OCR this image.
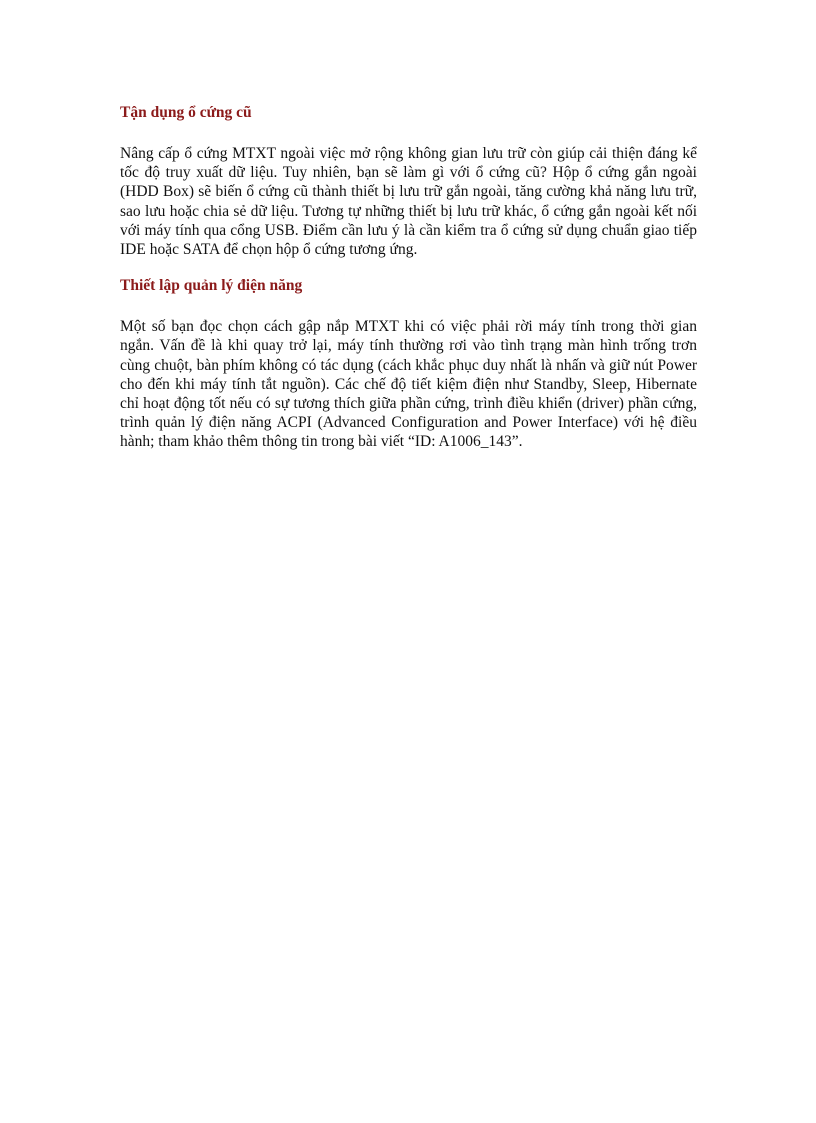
Tận dụng ổ cứng cũ

Nâng cấp ổ cứng MTXT ngoài việc mở rộng không gian lưu trữ còn giúp cải thiện đáng kể tốc độ truy xuất dữ liệu. Tuy nhiên, bạn sẽ làm gì với ổ cứng cũ? Hộp ổ cứng gắn ngoài (HDD Box) sẽ biến ổ cứng cũ thành thiết bị lưu trữ gắn ngoài, tăng cường khả năng lưu trữ, sao lưu hoặc chia sẻ dữ liệu. Tương tự những thiết bị lưu trữ khác, ổ cứng gắn ngoài kết nối với máy tính qua cổng USB. Điểm cần lưu ý là cần kiểm tra ổ cứng sử dụng chuẩn giao tiếp IDE hoặc SATA để chọn hộp ổ cứng tương ứng.

Thiết lập quản lý điện năng

Một số bạn đọc chọn cách gập nắp MTXT khi có việc phải rời máy tính trong thời gian ngắn. Vấn đề là khi quay trở lại, máy tính thường rơi vào tình trạng màn hình trống trơn cùng chuột, bàn phím không có tác dụng (cách khắc phục duy nhất là nhấn và giữ nút Power cho đến khi máy tính tắt nguồn). Các chế độ tiết kiệm điện như Standby, Sleep, Hibernate chỉ hoạt động tốt nếu có sự tương thích giữa phần cứng, trình điều khiển (driver) phần cứng, trình quản lý điện năng ACPI (Advanced Configuration and Power Interface) với hệ điều hành; tham khảo thêm thông tin trong bài viết “ID: A1006_143”.
